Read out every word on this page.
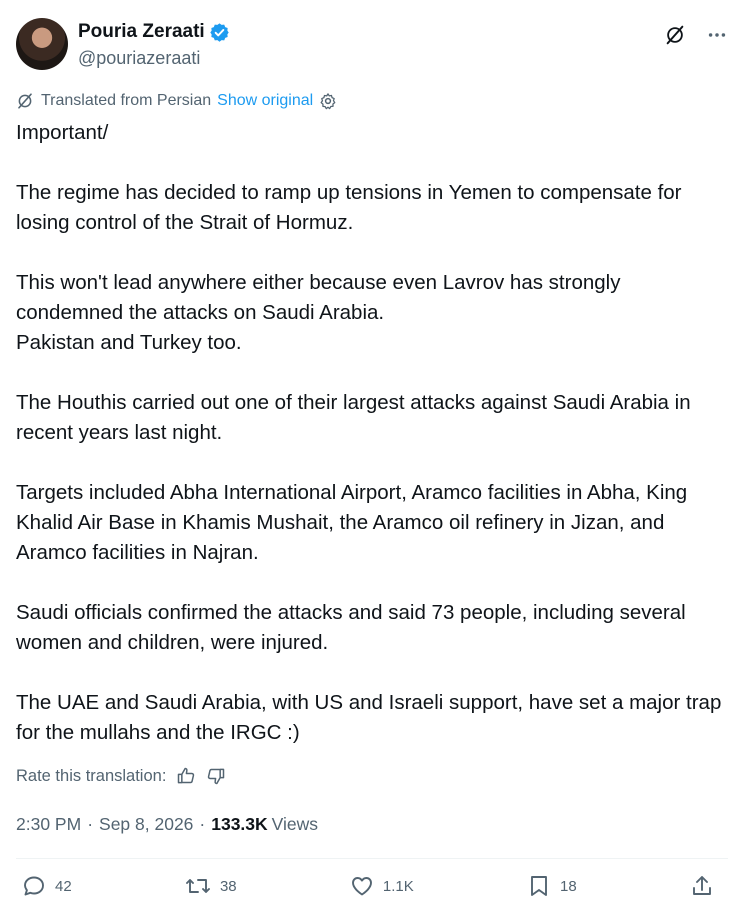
Pouria Zeraati
@pouriazeraati
Translated from Persian Show original

Important/

The regime has decided to ramp up tensions in Yemen to compensate for losing control of the Strait of Hormuz.

This won't lead anywhere either because even Lavrov has strongly condemned the attacks on Saudi Arabia.

Pakistan and Turkey too.

The Houthis carried out one of their largest attacks against Saudi Arabia in recent years last night.

Targets included Abha International Airport, Aramco facilities in Abha, King Khalid Air Base in Khamis Mushait, the Aramco oil refinery in Jizan, and Aramco facilities in Najran.

Saudi officials confirmed the attacks and said 73 people, including several women and children, were injured.

The UAE and Saudi Arabia, with US and Israeli support, have set a major trap for the mullahs and the IRGC :)

Rate this translation:
2:30 PM · Sep 8, 2026 · 133.3K Views
42	38	1.1K	18
